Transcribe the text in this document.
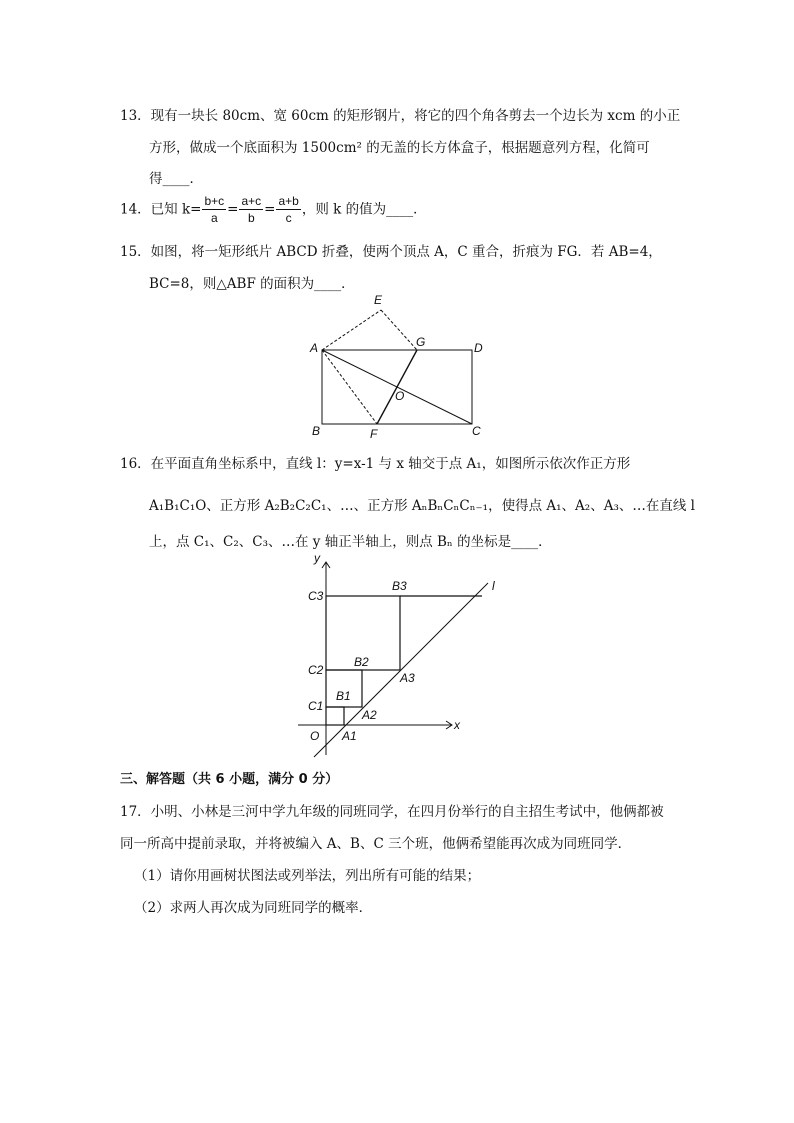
13．现有一块长 80cm、宽 60cm 的矩形钢片，将它的四个角各剪去一个边长为 xcm 的小正
方形，做成一个底面积为 1500cm² 的无盖的长方体盒子，根据题意列方程，化简可
得____．
14．已知 $k= \frac{b+c}{a} = \frac{a+c}{b} = \frac{a+b}{c}$ ，则 k 的值为____．
15．如图，将一矩形纸片 ABCD 折叠，使两个顶点 A，C 重合，折痕为 FG．若 AB=4，
BC=8，则△ABF 的面积为____．
E
A	G	D
O
B	F	C
16．在平面直角坐标系中，直线 l：y=x-1 与 x 轴交于点 A₁，如图所示依次作正方形
A₁B₁C₁O、正方形 A₂B₂C₂C₁、…、正方形 AₙBₙCₙCₙ₋₁，使得点 A₁、A₂、A₃、…在直线 l
上，点 C₁、C₂、C₃、…在 y 轴正半轴上，则点 Bₙ 的坐标是____．
y
x
l
O A1
A2
A3
B1
B2
B3
C1
C2
C3
三、解答题（共 6 小题，满分 0 分）
17．小明、小林是三河中学九年级的同班同学，在四月份举行的自主招生考试中，他俩都被
同一所高中提前录取，并将被编入 A、B、C 三个班，他俩希望能再次成为同班同学．
（1）请你用画树状图法或列举法，列出所有可能的结果；
（2）求两人再次成为同班同学的概率．
